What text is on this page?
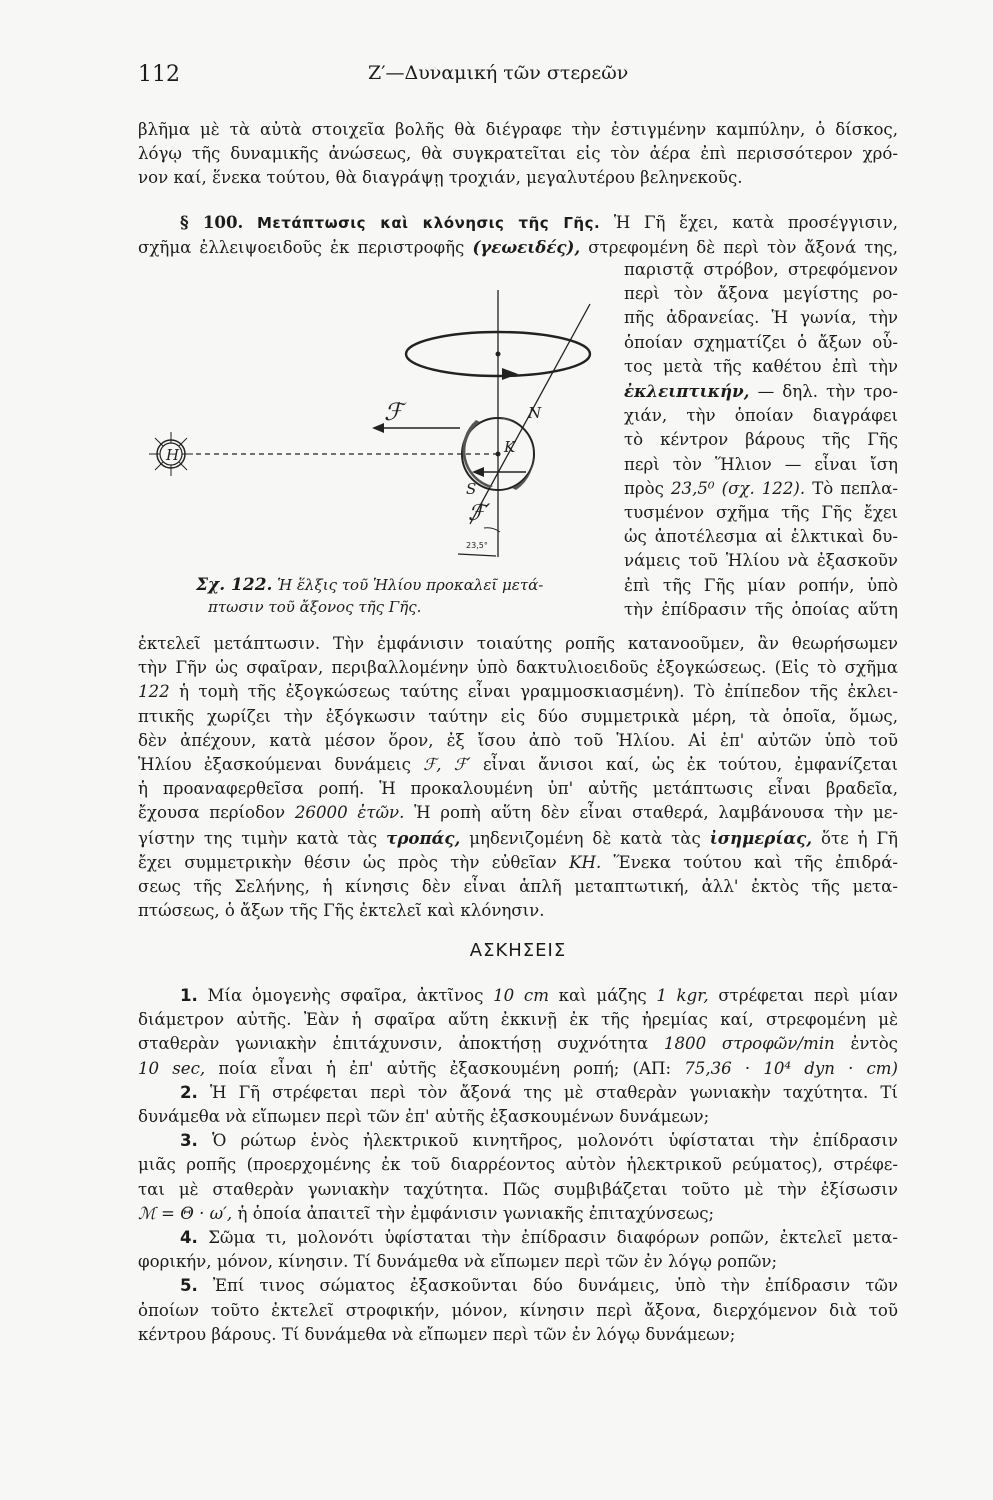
112	Ζ′—Δυναμική τῶν στερεῶν
βλῆμα μὲ τὰ αὐτὰ στοιχεῖα βολῆς θὰ διέγραφε τὴν ἐστιγμένην καμπύλην, ὁ δίσκος,
λόγῳ τῆς δυναμικῆς ἀνώσεως, θὰ συγκρατεῖται εἰς τὸν ἀέρα ἐπὶ περισσότερον χρό-
νον καί, ἕνεκα τούτου, θὰ διαγράψῃ τροχιάν, μεγαλυτέρου βεληνεκοῦς.
§ 100. Μετάπτωσις καὶ κλόνησις τῆς Γῆς. Ἡ Γῆ ἔχει, κατὰ προσέγγισιν,
σχῆμα ἐλλειψοειδοῦς ἐκ περιστροφῆς (γεωειδές), στρεφομένη δὲ περὶ τὸν ἄξονά της,
παριστᾷ στρόβον, στρεφόμενον
περὶ τὸν ἄξονα μεγίστης ρο-
πῆς ἀδρανείας. Ἡ γωνία, τὴν
ὁποίαν σχηματίζει ὁ ἄξων οὗ-
τος μετὰ τῆς καθέτου ἐπὶ τὴν
ἐκλειπτικήν, — δηλ. τὴν τρο-
χιάν, τὴν ὁποίαν διαγράφει
τὸ κέντρον βάρους τῆς Γῆς
περὶ τὸν Ἥλιον — εἶναι ἴση
πρὸς 23,5⁰ (σχ. 122). Τὸ πεπλα-
τυσμένον σχῆμα τῆς Γῆς ἔχει
ὡς ἀποτέλεσμα αἱ ἑλκτικαὶ δυ-
νάμεις τοῦ Ἡλίου νὰ ἐξασκοῦν
ἐπὶ τῆς Γῆς μίαν ροπήν, ὑπὸ
τὴν ἐπίδρασιν τῆς ὁποίας αὕτη
H
ℱ
ℱ′
N
K
S
23,5°
Σχ. 122. Ἡ ἕλξις τοῦ Ἡλίου προκαλεῖ μετά-
πτωσιν τοῦ ἄξονος τῆς Γῆς.
ἐκτελεῖ μετάπτωσιν. Τὴν ἐμφάνισιν τοιαύτης ροπῆς κατανοοῦμεν, ἂν θεωρήσωμεν
τὴν Γῆν ὡς σφαῖραν, περιβαλλομένην ὑπὸ δακτυλιοειδοῦς ἐξογκώσεως. (Εἰς τὸ σχῆμα
122 ἡ τομὴ τῆς ἐξογκώσεως ταύτης εἶναι γραμμοσκιασμένη). Τὸ ἐπίπεδον τῆς ἐκλει-
πτικῆς χωρίζει τὴν ἐξόγκωσιν ταύτην εἰς δύο συμμετρικὰ μέρη, τὰ ὁποῖα, ὅμως,
δὲν ἀπέχουν, κατὰ μέσον ὅρον, ἐξ ἴσου ἀπὸ τοῦ Ἡλίου. Αἱ ἐπ' αὐτῶν ὑπὸ τοῦ
Ἡλίου ἐξασκούμεναι δυνάμεις ℱ, ℱ′ εἶναι ἄνισοι καί, ὡς ἐκ τούτου, ἐμφανίζεται
ἡ προαναφερθεῖσα ροπή. Ἡ προκαλουμένη ὑπ' αὐτῆς μετάπτωσις εἶναι βραδεῖα,
ἔχουσα περίοδον 26000 ἐτῶν. Ἡ ροπὴ αὕτη δὲν εἶναι σταθερά, λαμβάνουσα τὴν με-
γίστην της τιμὴν κατὰ τὰς τροπάς, μηδενιζομένη δὲ κατὰ τὰς ἰσημερίας, ὅτε ἡ Γῆ
ἔχει συμμετρικὴν θέσιν ὡς πρὸς τὴν εὐθεῖαν KH. Ἕνεκα τούτου καὶ τῆς ἐπιδρά-
σεως τῆς Σελήνης, ἡ κίνησις δὲν εἶναι ἁπλῆ μεταπτωτική, ἀλλ' ἐκτὸς τῆς μετα-
πτώσεως, ὁ ἄξων τῆς Γῆς ἐκτελεῖ καὶ κλόνησιν.
ΑΣΚΗΣΕΙΣ
1. Μία ὁμογενὴς σφαῖρα, ἀκτῖνος 10 cm καὶ μάζης 1 kgr, στρέφεται περὶ μίαν
διάμετρον αὐτῆς. Ἐὰν ἡ σφαῖρα αὕτη ἐκκινῇ ἐκ τῆς ἠρεμίας καί, στρεφομένη μὲ
σταθερὰν γωνιακὴν ἐπιτάχυνσιν, ἀποκτήσῃ συχνότητα 1800 στροφῶν/min ἐντὸς
10 sec, ποία εἶναι ἡ ἐπ' αὐτῆς ἐξασκουμένη ροπή; (ΑΠ: 75,36 · 10⁴ dyn · cm)
2. Ἡ Γῆ στρέφεται περὶ τὸν ἄξονά της μὲ σταθερὰν γωνιακὴν ταχύτητα. Τί
δυνάμεθα νὰ εἴπωμεν περὶ τῶν ἐπ' αὐτῆς ἐξασκουμένων δυνάμεων;
3. Ὁ ρώτωρ ἑνὸς ἠλεκτρικοῦ κινητῆρος, μολονότι ὑφίσταται τὴν ἐπίδρασιν
μιᾶς ροπῆς (προερχομένης ἐκ τοῦ διαρρέοντος αὐτὸν ἠλεκτρικοῦ ρεύματος), στρέφε-
ται μὲ σταθερὰν γωνιακὴν ταχύτητα. Πῶς συμβιβάζεται τοῦτο μὲ τὴν ἐξίσωσιν
ℳ = Θ · ω′, ἡ ὁποία ἀπαιτεῖ τὴν ἐμφάνισιν γωνιακῆς ἐπιταχύνσεως;
4. Σῶμα τι, μολονότι ὑφίσταται τὴν ἐπίδρασιν διαφόρων ροπῶν, ἐκτελεῖ μετα-
φορικήν, μόνον, κίνησιν. Τί δυνάμεθα νὰ εἴπωμεν περὶ τῶν ἐν λόγῳ ροπῶν;
5. Ἐπί τινος σώματος ἐξασκοῦνται δύο δυνάμεις, ὑπὸ τὴν ἐπίδρασιν τῶν
ὁποίων τοῦτο ἐκτελεῖ στροφικήν, μόνον, κίνησιν περὶ ἄξονα, διερχόμενον διὰ τοῦ
κέντρου βάρους. Τί δυνάμεθα νὰ εἴπωμεν περὶ τῶν ἐν λόγῳ δυνάμεων;
